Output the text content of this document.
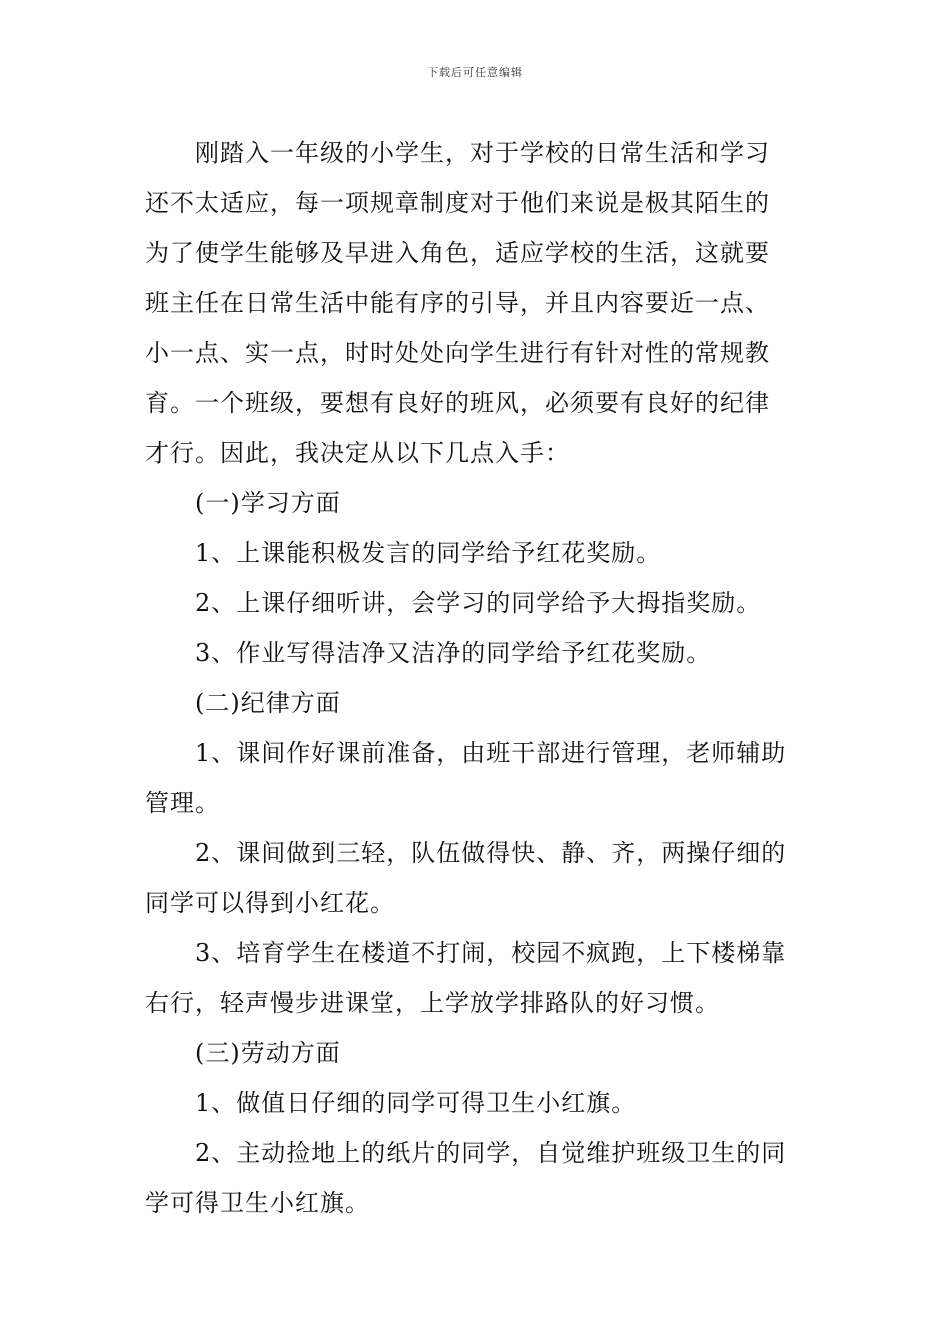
下载后可任意编辑
刚踏入一年级的小学生，对于学校的日常生活和学习
还不太适应，每一项规章制度对于他们来说是极其陌生的
为了使学生能够及早进入角色，适应学校的生活，这就要
班主任在日常生活中能有序的引导，并且内容要近一点、
小一点、实一点，时时处处向学生进行有针对性的常规教
育。一个班级，要想有良好的班风，必须要有良好的纪律
才行。因此，我决定从以下几点入手：
(一)学习方面
1、上课能积极发言的同学给予红花奖励。
2、上课仔细听讲，会学习的同学给予大拇指奖励。
3、作业写得洁净又洁净的同学给予红花奖励。
(二)纪律方面
1、课间作好课前准备，由班干部进行管理，老师辅助
管理。
2、课间做到三轻，队伍做得快、静、齐，两操仔细的
同学可以得到小红花。
3、培育学生在楼道不打闹，校园不疯跑，上下楼梯靠
右行，轻声慢步进课堂，上学放学排路队的好习惯。
(三)劳动方面
1、做值日仔细的同学可得卫生小红旗。
2、主动捡地上的纸片的同学，自觉维护班级卫生的同
学可得卫生小红旗。
